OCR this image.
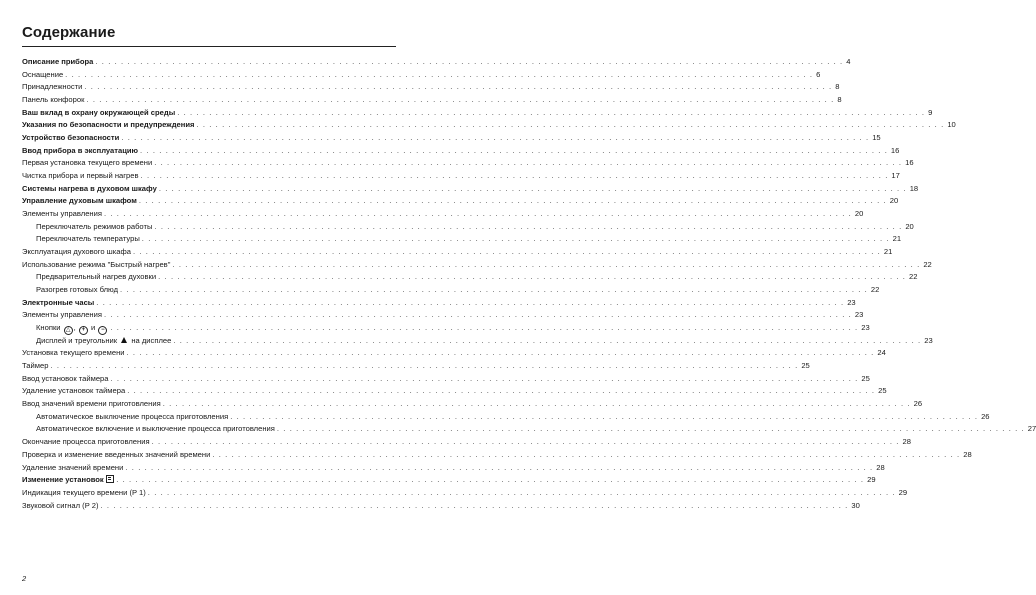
Содержание
Описание прибора . . . . . . . . . . . . . . . . . . . . . . . . . . . . . . . . . . . . . . . . . . . . . . . . . . . . . . . . . . . . . . . . . . . . . . . . . . . . . . . . . . . . . . . . . . . . . . . . . . . . . . . . . . . . . . . . . . . . . 4
Оснащение . . . . . . . . . . . . . . . . . . . . . . . . . . . . . . . . . . . . . . . . . . . . . . . . . . . . . . . . . . . . . . . . . . . . . . . . . . . . . . . . . . . . . . . . . . . . . . . . . . . . . . . . . . . . . . . . . . . . . 6
Принадлежности . . . . . . . . . . . . . . . . . . . . . . . . . . . . . . . . . . . . . . . . . . . . . . . . . . . . . . . . . . . . . . . . . . . . . . . . . . . . . . . . . . . . . . . . . . . . . . . . . . . . . . . . . . . . . . . . . . . . . 8
Панель конфорок . . . . . . . . . . . . . . . . . . . . . . . . . . . . . . . . . . . . . . . . . . . . . . . . . . . . . . . . . . . . . . . . . . . . . . . . . . . . . . . . . . . . . . . . . . . . . . . . . . . . . . . . . . . . . . . . . . . . . 8
Ваш вклад в охрану окружающей среды . . . . . . . . . . . . . . . . . . . . . . . . . . . . . . . . . . . . . . . . . . . . . . . . . . . . . . . . . . . . . . . . . . . . . . . . . . . . . . . . . . . . . . . . . . . . . . . . . . . . . . . . . . . . . . . . . . . . . 9
Указания по безопасности и предупреждения . . . . . . . . . . . . . . . . . . . . . . . . . . . . . . . . . . . . . . . . . . . . . . . . . . . . . . . . . . . . . . . . . . . . . . . . . . . . . . . . . . . . . . . . . . . . . . . . . . . . . . . . . . . . . . . . . . . . . 10
Устройство безопасности . . . . . . . . . . . . . . . . . . . . . . . . . . . . . . . . . . . . . . . . . . . . . . . . . . . . . . . . . . . . . . . . . . . . . . . . . . . . . . . . . . . . . . . . . . . . . . . . . . . . . . . . . . . . . . . . . . . . . 15
Ввод прибора в эксплуатацию . . . . . . . . . . . . . . . . . . . . . . . . . . . . . . . . . . . . . . . . . . . . . . . . . . . . . . . . . . . . . . . . . . . . . . . . . . . . . . . . . . . . . . . . . . . . . . . . . . . . . . . . . . . . . . . . . . . . . 16
Первая установка текущего времени . . . . . . . . . . . . . . . . . . . . . . . . . . . . . . . . . . . . . . . . . . . . . . . . . . . . . . . . . . . . . . . . . . . . . . . . . . . . . . . . . . . . . . . . . . . . . . . . . . . . . . . . . . . . . . . . . . . . . 16
Чистка прибора и первый нагрев . . . . . . . . . . . . . . . . . . . . . . . . . . . . . . . . . . . . . . . . . . . . . . . . . . . . . . . . . . . . . . . . . . . . . . . . . . . . . . . . . . . . . . . . . . . . . . . . . . . . . . . . . . . . . . . . . . . . . 17
Системы нагрева в духовом шкафу . . . . . . . . . . . . . . . . . . . . . . . . . . . . . . . . . . . . . . . . . . . . . . . . . . . . . . . . . . . . . . . . . . . . . . . . . . . . . . . . . . . . . . . . . . . . . . . . . . . . . . . . . . . . . . . . . . . . . 18
Управление духовым шкафом . . . . . . . . . . . . . . . . . . . . . . . . . . . . . . . . . . . . . . . . . . . . . . . . . . . . . . . . . . . . . . . . . . . . . . . . . . . . . . . . . . . . . . . . . . . . . . . . . . . . . . . . . . . . . . . . . . . . . 20
Элементы управления . . . . . . . . . . . . . . . . . . . . . . . . . . . . . . . . . . . . . . . . . . . . . . . . . . . . . . . . . . . . . . . . . . . . . . . . . . . . . . . . . . . . . . . . . . . . . . . . . . . . . . . . . . . . . . . . . . . . . 20
Переключатель режимов работы . . . . . . . . . . . . . . . . . . . . . . . . . . . . . . . . . . . . . . . . . . . . . . . . . . . . . . . . . . . . . . . . . . . . . . . . . . . . . . . . . . . . . . . . . . . . . . . . . . . . . . . . . . . . . . . . . . . . . 20
Переключатель температуры . . . . . . . . . . . . . . . . . . . . . . . . . . . . . . . . . . . . . . . . . . . . . . . . . . . . . . . . . . . . . . . . . . . . . . . . . . . . . . . . . . . . . . . . . . . . . . . . . . . . . . . . . . . . . . . . . . . . . 21
Эксплуатация духового шкафа . . . . . . . . . . . . . . . . . . . . . . . . . . . . . . . . . . . . . . . . . . . . . . . . . . . . . . . . . . . . . . . . . . . . . . . . . . . . . . . . . . . . . . . . . . . . . . . . . . . . . . . . . . . . . . . . . . . . . 21
Использование режима "Быстрый нагрев" . . . . . . . . . . . . . . . . . . . . . . . . . . . . . . . . . . . . . . . . . . . . . . . . . . . . . . . . . . . . . . . . . . . . . . . . . . . . . . . . . . . . . . . . . . . . . . . . . . . . . . . . . . . . . . . . . . . . . 22
Предварительный нагрев духовки . . . . . . . . . . . . . . . . . . . . . . . . . . . . . . . . . . . . . . . . . . . . . . . . . . . . . . . . . . . . . . . . . . . . . . . . . . . . . . . . . . . . . . . . . . . . . . . . . . . . . . . . . . . . . . . . . . . . . 22
Разогрев готовых блюд . . . . . . . . . . . . . . . . . . . . . . . . . . . . . . . . . . . . . . . . . . . . . . . . . . . . . . . . . . . . . . . . . . . . . . . . . . . . . . . . . . . . . . . . . . . . . . . . . . . . . . . . . . . . . . . . . . . . . 22
Электронные часы . . . . . . . . . . . . . . . . . . . . . . . . . . . . . . . . . . . . . . . . . . . . . . . . . . . . . . . . . . . . . . . . . . . . . . . . . . . . . . . . . . . . . . . . . . . . . . . . . . . . . . . . . . . . . . . . . . . . . 23
Элементы управления . . . . . . . . . . . . . . . . . . . . . . . . . . . . . . . . . . . . . . . . . . . . . . . . . . . . . . . . . . . . . . . . . . . . . . . . . . . . . . . . . . . . . . . . . . . . . . . . . . . . . . . . . . . . . . . . . . . . . 23
Кнопки △ , + и − . . . . . . . . . . . . . . . . . . . . . . . . . . . . . . . . . . . . . . . . . . . . . . . . . . . . . . . . . . . . . . . . . . . . . . . . . . . . . . . . . . . . . . . . . . . . . . . . . . . . . . . . . . . . . . . . . . . . . 23
Дисплей и треугольник на дисплее . . . . . . . . . . . . . . . . . . . . . . . . . . . . . . . . . . . . . . . . . . . . . . . . . . . . . . . . . . . . . . . . . . . . . . . . . . . . . . . . . . . . . . . . . . . . . . . . . . . . . . . . . . . . . . . . . . . . . 23
Установка текущего времени . . . . . . . . . . . . . . . . . . . . . . . . . . . . . . . . . . . . . . . . . . . . . . . . . . . . . . . . . . . . . . . . . . . . . . . . . . . . . . . . . . . . . . . . . . . . . . . . . . . . . . . . . . . . . . . . . . . . . 24
Таймер . . . . . . . . . . . . . . . . . . . . . . . . . . . . . . . . . . . . . . . . . . . . . . . . . . . . . . . . . . . . . . . . . . . . . . . . . . . . . . . . . . . . . . . . . . . . . . . . . . . . . . . . . . . . . . . . . . . . . 25
Ввод установок таймера . . . . . . . . . . . . . . . . . . . . . . . . . . . . . . . . . . . . . . . . . . . . . . . . . . . . . . . . . . . . . . . . . . . . . . . . . . . . . . . . . . . . . . . . . . . . . . . . . . . . . . . . . . . . . . . . . . . . . 25
Удаление установок таймера . . . . . . . . . . . . . . . . . . . . . . . . . . . . . . . . . . . . . . . . . . . . . . . . . . . . . . . . . . . . . . . . . . . . . . . . . . . . . . . . . . . . . . . . . . . . . . . . . . . . . . . . . . . . . . . . . . . . . 25
Ввод значений времени приготовления . . . . . . . . . . . . . . . . . . . . . . . . . . . . . . . . . . . . . . . . . . . . . . . . . . . . . . . . . . . . . . . . . . . . . . . . . . . . . . . . . . . . . . . . . . . . . . . . . . . . . . . . . . . . . . . . . . . . . 26
Автоматическое выключение процесса приготовления . . . . . . . . . . . . . . . . . . . . . . . . . . . . . . . . . . . . . . . . . . . . . . . . . . . . . . . . . . . . . . . . . . . . . . . . . . . . . . . . . . . . . . . . . . . . . . . . . . . . . . . . . . . . . . . . . . . . . 26
Автоматическое включение и выключение процесса приготовления . . . . . . . . . . . . . . . . . . . . . . . . . . . . . . . . . . . . . . . . . . . . . . . . . . . . . . . . . . . . . . . . . . . . . . . . . . . . . . . . . . . . . . . . . . . . . . . . . . . . . . . . . . . . . . . . . . . . . 27
Окончание процесса приготовления . . . . . . . . . . . . . . . . . . . . . . . . . . . . . . . . . . . . . . . . . . . . . . . . . . . . . . . . . . . . . . . . . . . . . . . . . . . . . . . . . . . . . . . . . . . . . . . . . . . . . . . . . . . . . . . . . . . . . 28
Проверка и изменение введенных значений времени . . . . . . . . . . . . . . . . . . . . . . . . . . . . . . . . . . . . . . . . . . . . . . . . . . . . . . . . . . . . . . . . . . . . . . . . . . . . . . . . . . . . . . . . . . . . . . . . . . . . . . . . . . . . . . . . . . . . . 28
Удаление значений времени . . . . . . . . . . . . . . . . . . . . . . . . . . . . . . . . . . . . . . . . . . . . . . . . . . . . . . . . . . . . . . . . . . . . . . . . . . . . . . . . . . . . . . . . . . . . . . . . . . . . . . . . . . . . . . . . . . . . . 28
Изменение установок	. . . . . . . . . . . . . . . . . . . . . . . . . . . . . . . . . . . . . . . . . . . . . . . . . . . . . . . . . . . . . . . . . . . . . . . . . . . . . . . . . . . . . . . . . . . . . . . . . . . . . . . . . . . . . . . . . . . . . 29
Индикация текущего времени (P 1) . . . . . . . . . . . . . . . . . . . . . . . . . . . . . . . . . . . . . . . . . . . . . . . . . . . . . . . . . . . . . . . . . . . . . . . . . . . . . . . . . . . . . . . . . . . . . . . . . . . . . . . . . . . . . . . . . . . . . 29
Звуковой сигнал (P 2) . . . . . . . . . . . . . . . . . . . . . . . . . . . . . . . . . . . . . . . . . . . . . . . . . . . . . . . . . . . . . . . . . . . . . . . . . . . . . . . . . . . . . . . . . . . . . . . . . . . . . . . . . . . . . . . . . . . . . 30
2
